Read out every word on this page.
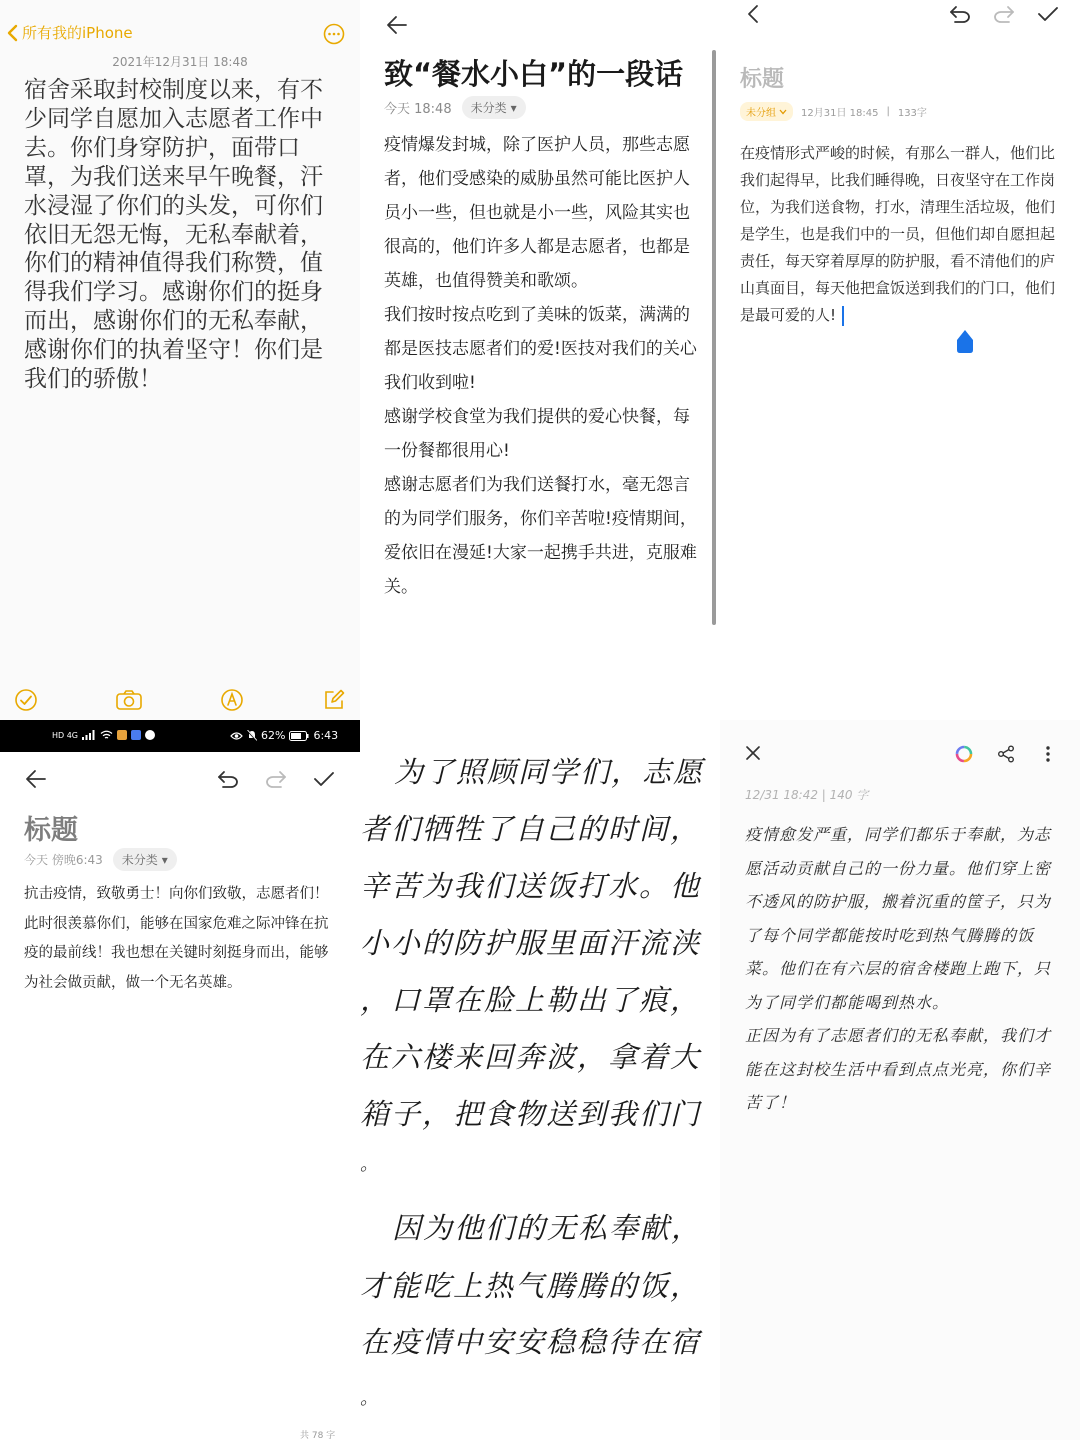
所有我的iPhone
2021年12月31日 18:48
宿舍采取封校制度以来，有不少同学自愿加入志愿者工作中去。你们身穿防护，面带口罩，为我们送来早午晚餐，汗水浸湿了你们的头发，可你们依旧无怨无悔，无私奉献着，你们的精神值得我们称赞，值得我们学习。感谢你们的挺身而出，感谢你们的无私奉献，感谢你们的执着坚守！你们是我们的骄傲！
致“餐水小白”的一段话
今天 18:48 未分类 ▾

疫情爆发封城，除了医护人员，那些志愿者，他们受感染的威胁虽然可能比医护人员小一些，但也就是小一些，风险其实也很高的，他们许多人都是志愿者，也都是英雄，也值得赞美和歌颂。

我们按时按点吃到了美味的饭菜，满满的都是医技志愿者们的爱!医技对我们的关心我们收到啦!

感谢学校食堂为我们提供的爱心快餐，每一份餐都很用心!

感谢志愿者们为我们送餐打水，毫无怨言的为同学们服务，你们辛苦啦!疫情期间，爱依旧在漫延!大家一起携手共进，克服难关。

标题
未分组	12月31日 18:45 | 133字
在疫情形式严峻的时候，有那么一群人，他们比我们起得早，比我们睡得晚，日夜坚守在工作岗位，为我们送食物，打水，清理生活垃圾，他们是学生，也是我们中的一员，但他们却自愿担起责任，每天穿着厚厚的防护服，看不清他们的庐山真面目，每天他把盒饭送到我们的门口，他们是最可爱的人!
HD 4G	62%	6:43
标题
今天 傍晚6:43 未分类 ▾
抗击疫情，致敬勇士！向你们致敬，志愿者们！此时很羡慕你们，能够在国家危难之际冲锋在抗疫的最前线！我也想在关键时刻挺身而出，能够为社会做贡献，做一个无名英雄。
共 78 字
为了照顾同学们，志愿
者们牺牲了自己的时间，
辛苦为我们送饭打水。他
小小的防护服里面汗流浃
，口罩在脸上勒出了痕，
在六楼来回奔波，拿着大
箱子，把食物送到我们门
。
因为他们的无私奉献，
才能吃上热气腾腾的饭，
在疫情中安安稳稳待在宿
。
12/31 18:42 | 140 字
疫情愈发严重，同学们都乐于奉献，为志愿活动贡献自己的一份力量。他们穿上密不透风的防护服，搬着沉重的筐子，只为了每个同学都能按时吃到热气腾腾的饭菜。他们在有六层的宿舍楼跑上跑下，只为了同学们都能喝到热水。
正因为有了志愿者们的无私奉献，我们才能在这封校生活中看到点点光亮，你们辛苦了！
